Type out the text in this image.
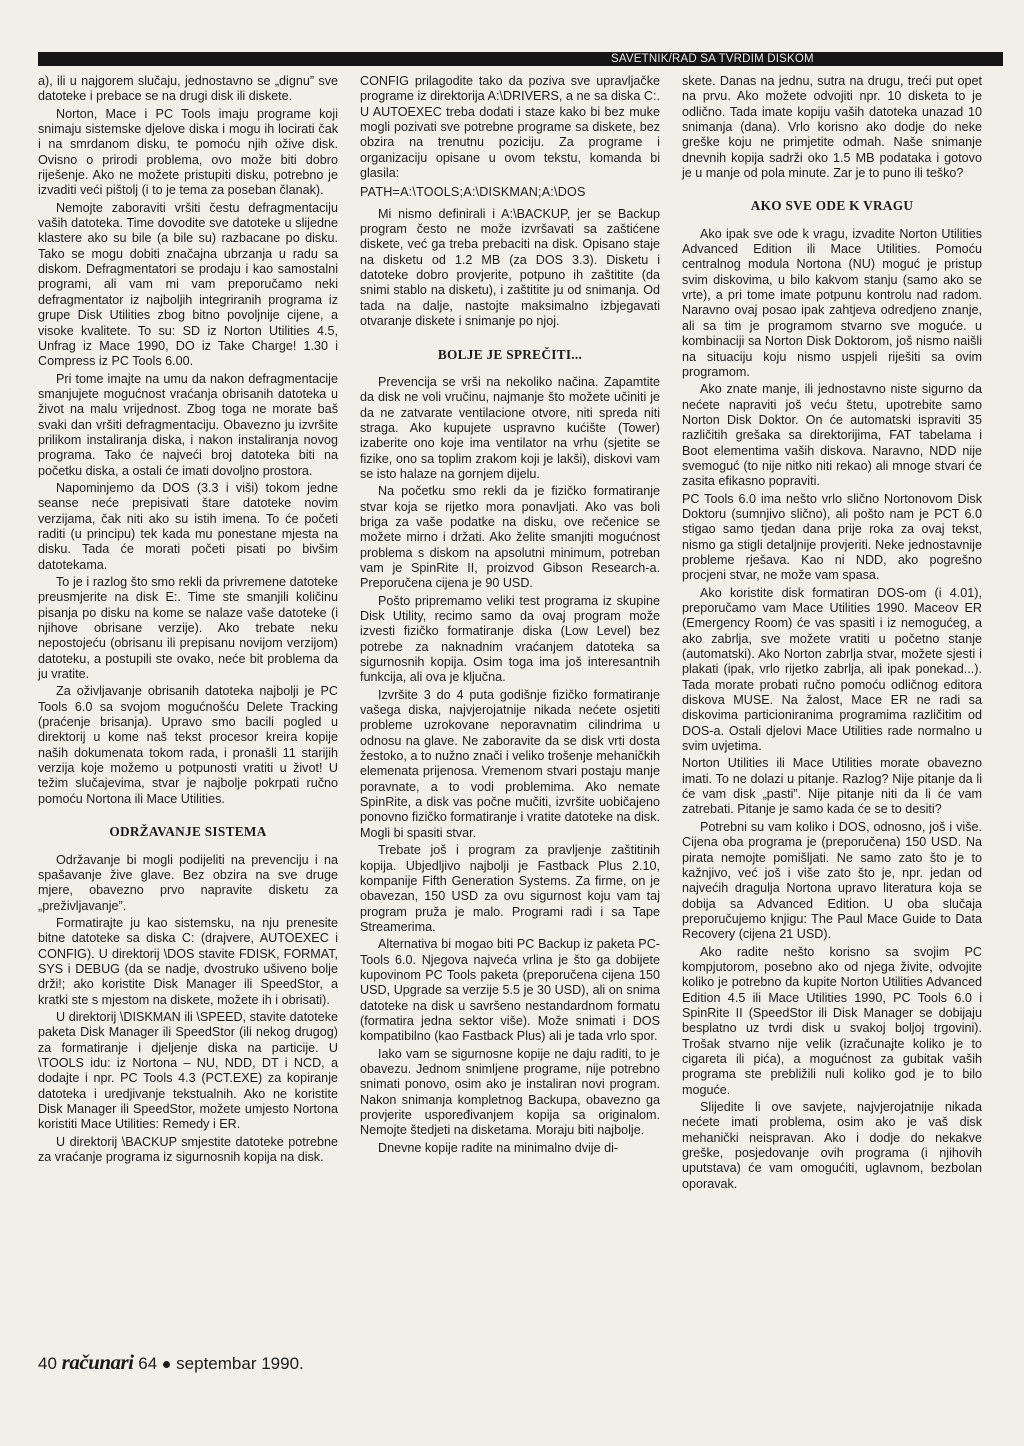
SAVETNIK/RAD SA TVRDIM DISKOM

a), ili u najgorem slučaju, jednostavno se „dignu” sve datoteke i prebace se na drugi disk ili diskete.

Norton, Mace i PC Tools imaju programe koji snimaju sistemske djelove diska i mogu ih locirati čak i na smrdanom disku, te pomoću njih ožive disk. Ovisno o prirodi problema, ovo može biti dobro riješenje. Ako ne možete pristupiti disku, potrebno je izvaditi veći pištolj (i to je tema za poseban članak).

Nemojte zaboraviti vršiti čestu defragmentaciju vaših datoteka. Time dovodite sve datoteke u slijedne klastere ako su bile (a bile su) razbacane po disku. Tako se mogu dobiti značajna ubrzanja u radu sa diskom. Defragmentatori se prodaju i kao samostalni programi, ali vam mi vam preporučamo neki defragmentator iz najboljih integriranih programa iz grupe Disk Utilities zbog bitno povoljnije cijene, a visoke kvalitete. To su: SD iz Norton Utilities 4.5, Unfrag iz Mace 1990, DO iz Take Charge! 1.30 i Compress iz PC Tools 6.00.

Pri tome imajte na umu da nakon defragmentacije smanjujete mogućnost vraćanja obrisanih datoteka u život na malu vrijednost. Zbog toga ne morate baš svaki dan vršiti defragmentaciju. Obavezno ju izvršite prilikom instaliranja diska, i nakon instaliranja novog programa. Tako će najveći broj datoteka biti na početku diska, a ostali će imati dovoljno prostora.

Napominjemo da DOS (3.3 i viši) tokom jedne seanse neće prepisivati štare datoteke novim verzijama, čak niti ako su istih imena. To će početi raditi (u principu) tek kada mu ponestane mjesta na disku. Tada će morati početi pisati po bivšim datotekama.

To je i razlog što smo rekli da privremene datoteke preusmjerite na disk E:. Time ste smanjili količinu pisanja po disku na kome se nalaze vaše datoteke (i njihove obrisane verzije). Ako trebate neku nepostojeću (obrisanu ili prepisanu novijom verzijom) datoteku, a postupili ste ovako, neće bit problema da ju vratite.

Za oživljavanje obrisanih datoteka najbolji je PC Tools 6.0 sa svojom mogućnošću Delete Tracking (praćenje brisanja). Upravo smo bacili pogled u direktorij u kome naš tekst procesor kreira kopije naših dokumenata tokom rada, i pronašli 11 starijih verzija koje možemo u potpunosti vratiti u život! U težim slučajevima, stvar je najbolje pokrpati ručno pomoću Nortona ili Mace Utilities.

ODRŽAVANJE SISTEMA

Održavanje bi mogli podijeliti na prevenciju i na spašavanje žive glave. Bez obzira na sve druge mjere, obavezno prvo napravite disketu za „preživljavanje”.

Formatirajte ju kao sistemsku, na nju prenesite bitne datoteke sa diska C: (drajvere, AUTOEXEC i CONFIG). U direktorij \DOS stavite FDISK, FORMAT, SYS i DEBUG (da se nadje, dvostruko ušiveno bolje drži!; ako koristite Disk Manager ili SpeedStor, a kratki ste s mjestom na diskete, možete ih i obrisati).

U direktorij \DISKMAN ili \SPEED, stavite datoteke paketa Disk Manager ili SpeedStor (ili nekog drugog) za formatiranje i djeljenje diska na particije. U \TOOLS idu: iz Nortona – NU, NDD, DT i NCD, a dodajte i npr. PC Tools 4.3 (PCT.EXE) za kopiranje datoteka i uredjivanje tekstualnih. Ako ne koristite Disk Manager ili SpeedStor, možete umjesto Nortona koristiti Mace Utilities: Remedy i ER.

U direktorij \BACKUP smjestite datoteke potrebne za vraćanje programa iz sigurnosnih kopija na disk.

CONFIG prilagodite tako da poziva sve upravljačke programe iz direktorija A:\DRIVERS, a ne sa diska C:. U AUTOEXEC treba dodati i staze kako bi bez muke mogli pozivati sve potrebne programe sa diskete, bez obzira na trenutnu poziciju. Za programe i organizaciju opisane u ovom tekstu, komanda bi glasila:

PATH=A:\TOOLS;A:\DISKMAN;A:\DOS

Mi nismo definirali i A:\BACKUP, jer se Backup program često ne može izvršavati sa zaštićene diskete, već ga treba prebaciti na disk. Opisano staje na disketu od 1.2 MB (za DOS 3.3). Disketu i datoteke dobro provjerite, potpuno ih zaštitite (da snimi stablo na disketu), i zaštitite ju od snimanja. Od tada na dalje, nastojte maksimalno izbjegavati otvaranje diskete i snimanje po njoj.

BOLJE JE SPREČITI...

Prevencija se vrši na nekoliko načina. Zapamtite da disk ne voli vručinu, najmanje što možete učiniti je da ne zatvarate ventilacione otvore, niti spreda niti straga. Ako kupujete uspravno kućište (Tower) izaberite ono koje ima ventilator na vrhu (sjetite se fizike, ono sa toplim zrakom koji je lakši), diskovi vam se isto halaze na gornjem dijelu.

Na početku smo rekli da je fizičko formatiranje stvar koja se rijetko mora ponavljati. Ako vas boli briga za vaše podatke na disku, ove rečenice se možete mirno i držati. Ako želite smanjiti mogućnost problema s diskom na apsolutni minimum, potreban vam je SpinRite II, proizvod Gibson Research-a. Preporučena cijena je 90 USD.

Pošto pripremamo veliki test programa iz skupine Disk Utility, recimo samo da ovaj program može izvesti fizičko formatiranje diska (Low Level) bez potrebe za naknadnim vraćanjem datoteka sa sigurnosnih kopija. Osim toga ima još interesantnih funkcija, ali ova je ključna.

Izvršite 3 do 4 puta godišnje fizičko formatiranje vašega diska, najvjerojatnije nikada nećete osjetiti probleme uzrokovane neporavnatim cilindrima u odnosu na glave. Ne zaboravite da se disk vrti dosta žestoko, a to nužno znači i veliko trošenje mehaničkih elemenata prijenosa. Vremenom stvari postaju manje poravnate, a to vodi problemima. Ako nemate SpinRite, a disk vas počne mučiti, izvršite uobičajeno ponovno fizičko formatiranje i vratite datoteke na disk. Mogli bi spasiti stvar.

Trebate još i program za pravljenje zaštitinih kopija. Ubjedljivo najbolji je Fastback Plus 2.10, kompanije Fifth Generation Systems. Za firme, on je obavezan, 150 USD za ovu sigurnost koju vam taj program pruža je malo. Programi radi i sa Tape Streamerima.

Alternativa bi mogao biti PC Backup iz paketa PC-Tools 6.0. Njegova najveća vrlina je što ga dobijete kupovinom PC Tools paketa (preporučena cijena 150 USD, Upgrade sa verzije 5.5 je 30 USD), ali on snima datoteke na disk u savršeno nestandardnom formatu (formatira jedna sektor više). Može snimati i DOS kompatibilno (kao Fastback Plus) ali je tada vrlo spor.

Iako vam se sigurnosne kopije ne daju raditi, to je obavezu. Jednom snimljene programe, nije potrebno snimati ponovo, osim ako je instaliran novi program. Nakon snimanja kompletnog Backupa, obavezno ga provjerite uspoređivanjem kopija sa originalom. Nemojte štedjeti na disketama. Moraju biti najbolje.

Dnevne kopije radite na minimalno dvije di-

skete. Danas na jednu, sutra na drugu, treći put opet na prvu. Ako možete odvojiti npr. 10 disketa to je odlično. Tada imate kopiju vaših datoteka unazad 10 snimanja (dana). Vrlo korisno ako dodje do neke greške koju ne primjetite odmah. Naše snimanje dnevnih kopija sadrži oko 1.5 MB podataka i gotovo je u manje od pola minute. Zar je to puno ili teško?

AKO SVE ODE K VRAGU

Ako ipak sve ode k vragu, izvadite Norton Utilities Advanced Edition ili Mace Utilities. Pomoću centralnog modula Nortona (NU) moguć je pristup svim diskovima, u bilo kakvom stanju (samo ako se vrte), a pri tome imate potpunu kontrolu nad radom. Naravno ovaj posao ipak zahtjeva odredjeno znanje, ali sa tim je programom stvarno sve moguće. u kombinaciji sa Norton Disk Doktorom, još nismo naišli na situaciju koju nismo uspjeli riješiti sa ovim programom.

Ako znate manje, ili jednostavno niste sigurno da nećete napraviti još veću štetu, upotrebite samo Norton Disk Doktor. On će automatski ispraviti 35 različitih grešaka sa direktorijima, FAT tabelama i Boot elementima vaših diskova. Naravno, NDD nije svemoguć (to nije nitko niti rekao) ali mnoge stvari će zasita efikasno popraviti.

PC Tools 6.0 ima nešto vrlo slično Nortonovom Disk Doktoru (sumnjivo slično), ali pošto nam je PCT 6.0 stigao samo tjedan dana prije roka za ovaj tekst, nismo ga stigli detaljnije provjeriti. Neke jednostavnije probleme rješava. Kao ni NDD, ako pogrešno procjeni stvar, ne može vam spasa.

Ako koristite disk formatiran DOS-om (i 4.01), preporučamo vam Mace Utilities 1990. Maceov ER (Emergency Room) će vas spasiti i iz nemogućeg, a ako zabrlja, sve možete vratiti u početno stanje (automatski). Ako Norton zabrlja stvar, možete sjesti i plakati (ipak, vrlo rijetko zabrlja, ali ipak ponekad...). Tada morate probati ručno pomoću odličnog editora diskova MUSE. Na žalost, Mace ER ne radi sa diskovima particioniranima programima različitim od DOS-a. Ostali djelovi Mace Utilities rade normalno u svim uvjetima.

Norton Utilities ili Mace Utilities morate obavezno imati. To ne dolazi u pitanje. Razlog? Nije pitanje da li će vam disk „pasti”. Nije pitanje niti da li će vam zatrebati. Pitanje je samo kada će se to desiti?

Potrebni su vam koliko i DOS, odnosno, još i više. Cijena oba programa je (preporučena) 150 USD. Na pirata nemojte pomišljati. Ne samo zato što je to kažnjivo, već još i više zato što je, npr. jedan od najvećih dragulja Nortona upravo literatura koja se dobija sa Advanced Edition. U oba slučaja preporučujemo knjigu: The Paul Mace Guide to Data Recovery (cijena 21 USD).

Ako radite nešto korisno sa svojim PC kompjutorom, posebno ako od njega živite, odvojite koliko je potrebno da kupite Norton Utilities Advanced Edition 4.5 ili Mace Utilities 1990, PC Tools 6.0 i SpinRite II (SpeedStor ili Disk Manager se dobijaju besplatno uz tvrdi disk u svakoj boljoj trgovini). Trošak stvarno nije velik (izračunajte koliko je to cigareta ili pića), a mogućnost za gubitak vaših programa ste prebližili nuli koliko god je to bilo moguće.

Slijedite li ove savjete, najvjerojatnije nikada nećete imati problema, osim ako je vaš disk mehanički neispravan. Ako i dodje do nekakve greške, posjedovanje ovih programa (i njihovih uputstava) će vam omogućiti, uglavnom, bezbolan oporavak.

40 računari 64 septembar 1990.
